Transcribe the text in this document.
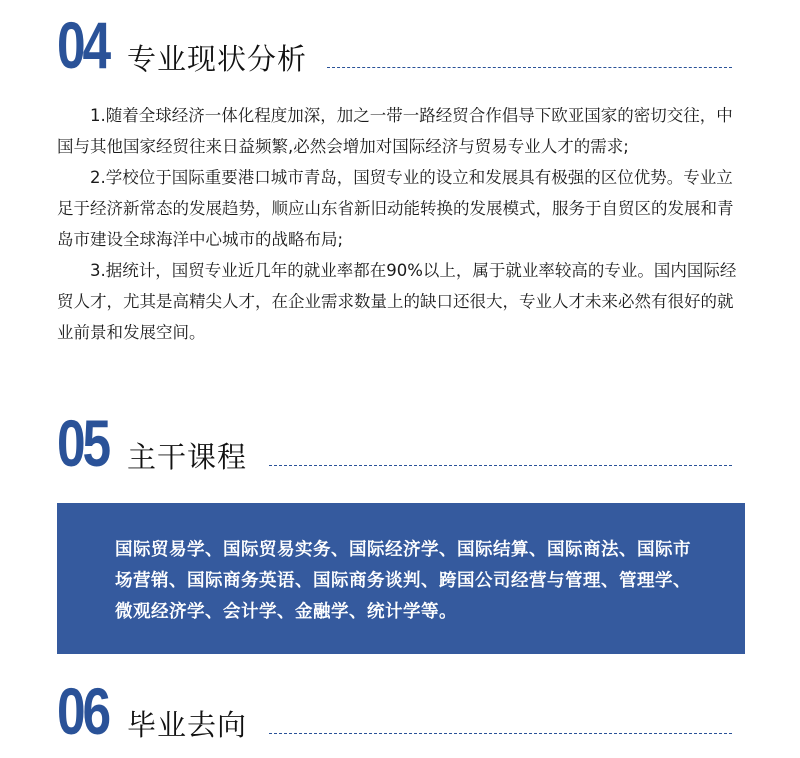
04 专业现状分析

1.随着全球经济一体化程度加深，加之一带一路经贸合作倡导下欧亚国家的密切交往，中国与其他国家经贸往来日益频繁,必然会增加对国际经济与贸易专业人才的需求;

2.学校位于国际重要港口城市青岛，国贸专业的设立和发展具有极强的区位优势。专业立足于经济新常态的发展趋势，顺应山东省新旧动能转换的发展模式，服务于自贸区的发展和青岛市建设全球海洋中心城市的战略布局;

3.据统计，国贸专业近几年的就业率都在90%以上，属于就业率较高的专业。国内国际经贸人才，尤其是高精尖人才，在企业需求数量上的缺口还很大，专业人才未来必然有很好的就业前景和发展空间。

05 主干课程

国际贸易学、国际贸易实务、国际经济学、国际结算、国际商法、国际市场营销、国际商务英语、国际商务谈判、跨国公司经营与管理、管理学、微观经济学、会计学、金融学、统计学等。

06 毕业去向
